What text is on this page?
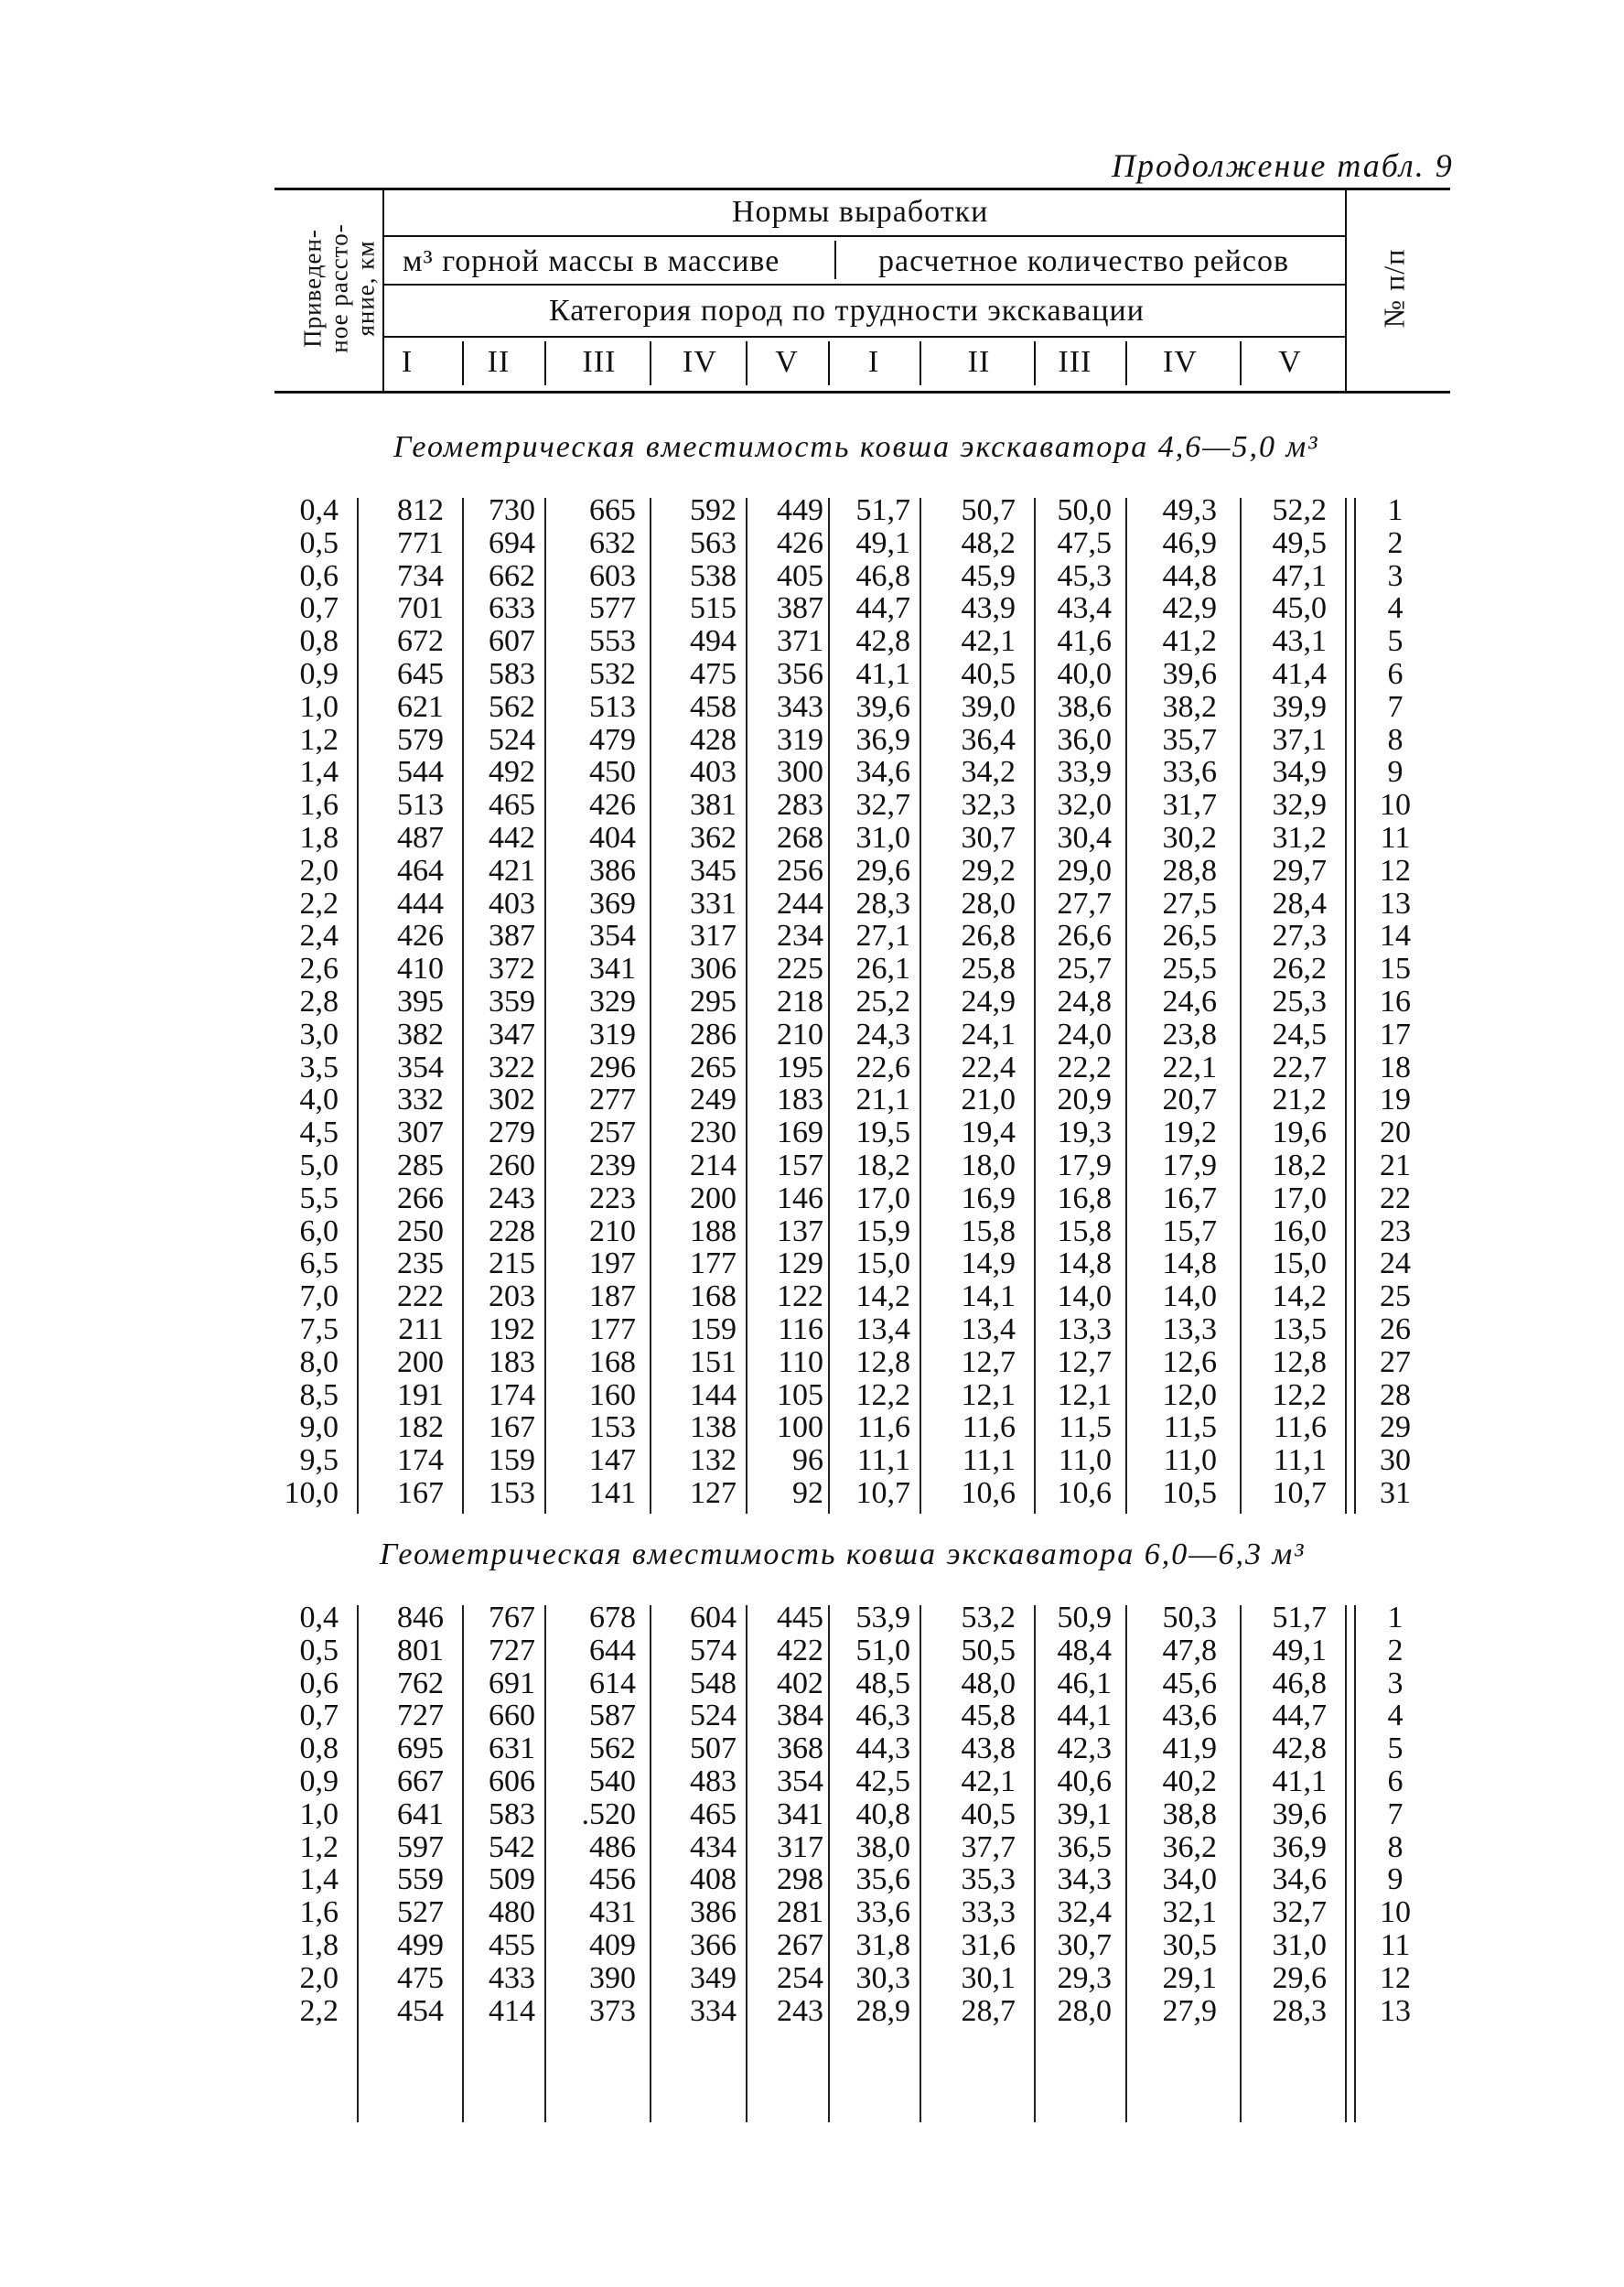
Продолжение табл. 9
Приведен-
ное рассто-
яние, км
Нормы выработки
м³ горной массы в массиве	расчетное количество рейсов
Категория пород по трудности экскавации
I	II	III	IV	V	I	II	III	IV	V
№ п/п
Геометрическая вместимость ковша экскаватора 4,6—5,0 м³
0,4	812	730	665	592	449	51,7	50,7	50,0	49,3	52,2	1
0,5	771	694	632	563	426	49,1	48,2	47,5	46,9	49,5	2
0,6	734	662	603	538	405	46,8	45,9	45,3	44,8	47,1	3
0,7	701	633	577	515	387	44,7	43,9	43,4	42,9	45,0	4
0,8	672	607	553	494	371	42,8	42,1	41,6	41,2	43,1	5
0,9	645	583	532	475	356	41,1	40,5	40,0	39,6	41,4	6
1,0	621	562	513	458	343	39,6	39,0	38,6	38,2	39,9	7
1,2	579	524	479	428	319	36,9	36,4	36,0	35,7	37,1	8
1,4	544	492	450	403	300	34,6	34,2	33,9	33,6	34,9	9
1,6	513	465	426	381	283	32,7	32,3	32,0	31,7	32,9	10
1,8	487	442	404	362	268	31,0	30,7	30,4	30,2	31,2	11
2,0	464	421	386	345	256	29,6	29,2	29,0	28,8	29,7	12
2,2	444	403	369	331	244	28,3	28,0	27,7	27,5	28,4	13
2,4	426	387	354	317	234	27,1	26,8	26,6	26,5	27,3	14
2,6	410	372	341	306	225	26,1	25,8	25,7	25,5	26,2	15
2,8	395	359	329	295	218	25,2	24,9	24,8	24,6	25,3	16
3,0	382	347	319	286	210	24,3	24,1	24,0	23,8	24,5	17
3,5	354	322	296	265	195	22,6	22,4	22,2	22,1	22,7	18
4,0	332	302	277	249	183	21,1	21,0	20,9	20,7	21,2	19
4,5	307	279	257	230	169	19,5	19,4	19,3	19,2	19,6	20
5,0	285	260	239	214	157	18,2	18,0	17,9	17,9	18,2	21
5,5	266	243	223	200	146	17,0	16,9	16,8	16,7	17,0	22
6,0	250	228	210	188	137	15,9	15,8	15,8	15,7	16,0	23
6,5	235	215	197	177	129	15,0	14,9	14,8	14,8	15,0	24
7,0	222	203	187	168	122	14,2	14,1	14,0	14,0	14,2	25
7,5	211	192	177	159	116	13,4	13,4	13,3	13,3	13,5	26
8,0	200	183	168	151	110	12,8	12,7	12,7	12,6	12,8	27
8,5	191	174	160	144	105	12,2	12,1	12,1	12,0	12,2	28
9,0	182	167	153	138	100	11,6	11,6	11,5	11,5	11,6	29
9,5	174	159	147	132	96	11,1	11,1	11,0	11,0	11,1	30
10,0	167	153	141	127	92	10,7	10,6	10,6	10,5	10,7	31
Геометрическая вместимость ковша экскаватора 6,0—6,3 м³
0,4	846	767	678	604	445	53,9	53,2	50,9	50,3	51,7	1
0,5	801	727	644	574	422	51,0	50,5	48,4	47,8	49,1	2
0,6	762	691	614	548	402	48,5	48,0	46,1	45,6	46,8	3
0,7	727	660	587	524	384	46,3	45,8	44,1	43,6	44,7	4
0,8	695	631	562	507	368	44,3	43,8	42,3	41,9	42,8	5
0,9	667	606	540	483	354	42,5	42,1	40,6	40,2	41,1	6
1,0	641	583	.520	465	341	40,8	40,5	39,1	38,8	39,6	7
1,2	597	542	486	434	317	38,0	37,7	36,5	36,2	36,9	8
1,4	559	509	456	408	298	35,6	35,3	34,3	34,0	34,6	9
1,6	527	480	431	386	281	33,6	33,3	32,4	32,1	32,7	10
1,8	499	455	409	366	267	31,8	31,6	30,7	30,5	31,0	11
2,0	475	433	390	349	254	30,3	30,1	29,3	29,1	29,6	12
2,2	454	414	373	334	243	28,9	28,7	28,0	27,9	28,3	13
